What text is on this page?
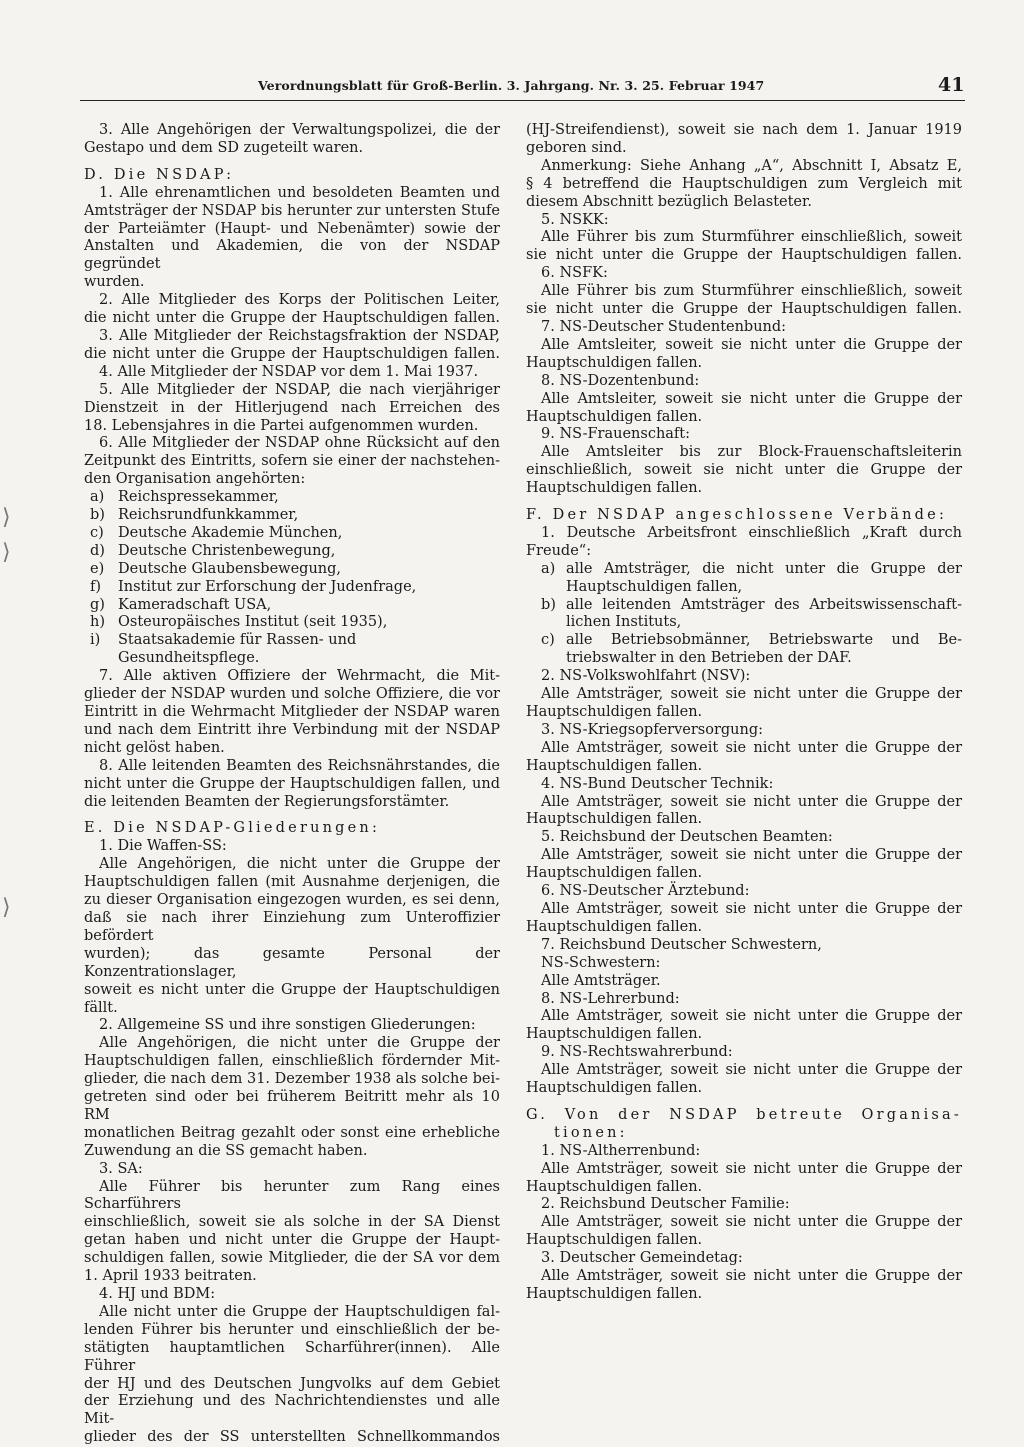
Verordnungsblatt für Groß-Berlin. 3. Jahrgang. Nr. 3. 25. Februar 1947	41
⟩
⟩
⟩

3. Alle Angehörigen der Verwaltungspolizei, die der

Gestapo und dem SD zugeteilt waren.

D. Die NSDAP:

1. Alle ehrenamtlichen und besoldeten Beamten und

Amtsträger der NSDAP bis herunter zur untersten Stufe

der Parteiämter (Haupt- und Nebenämter) sowie der

Anstalten und Akademien, die von der NSDAP gegründet

wurden.

2. Alle Mitglieder des Korps der Politischen Leiter,

die nicht unter die Gruppe der Hauptschuldigen fallen.

3. Alle Mitglieder der Reichstagsfraktion der NSDAP,

die nicht unter die Gruppe der Hauptschuldigen fallen.

4. Alle Mitglieder der NSDAP vor dem 1. Mai 1937.

5. Alle Mitglieder der NSDAP, die nach vierjähriger

Dienstzeit in der Hitlerjugend nach Erreichen des

18. Lebensjahres in die Partei aufgenommen wurden.

6. Alle Mitglieder der NSDAP ohne Rücksicht auf den

Zeitpunkt des Eintritts, sofern sie einer der nachstehen-

den Organisation angehörten:

a) Reichspressekammer,
b) Reichsrundfunkkammer,
c) Deutsche Akademie München,
d) Deutsche Christenbewegung,
e) Deutsche Glaubensbewegung,
f)	Institut zur Erforschung der Judenfrage,
g) Kameradschaft USA,
h) Osteuropäisches Institut (seit 1935),
i)	Staatsakademie für Rassen- und Gesundheitspflege.

7. Alle aktiven Offiziere der Wehrmacht, die Mit-

glieder der NSDAP wurden und solche Offiziere, die vor

Eintritt in die Wehrmacht Mitglieder der NSDAP waren

und nach dem Eintritt ihre Verbindung mit der NSDAP

nicht gelöst haben.

8. Alle leitenden Beamten des Reichsnährstandes, die

nicht unter die Gruppe der Hauptschuldigen fallen, und

die leitenden Beamten der Regierungsforstämter.

E. Die NSDAP-Gliederungen:

1. Die Waffen-SS:

Alle Angehörigen, die nicht unter die Gruppe der

Hauptschuldigen fallen (mit Ausnahme derjenigen, die

zu dieser Organisation eingezogen wurden, es sei denn,

daß sie nach ihrer Einziehung zum Unteroffizier befördert

wurden); das gesamte Personal der Konzentrationslager,

soweit es nicht unter die Gruppe der Hauptschuldigen

fällt.

2. Allgemeine SS und ihre sonstigen Gliederungen:

Alle Angehörigen, die nicht unter die Gruppe der

Hauptschuldigen fallen, einschließlich fördernder Mit-

glieder, die nach dem 31. Dezember 1938 als solche bei-

getreten sind oder bei früherem Beitritt mehr als 10 RM

monatlichen Beitrag gezahlt oder sonst eine erhebliche

Zuwendung an die SS gemacht haben.

3. SA:

Alle Führer bis herunter zum Rang eines Scharführers

einschließlich, soweit sie als solche in der SA Dienst

getan haben und nicht unter die Gruppe der Haupt-

schuldigen fallen, sowie Mitglieder, die der SA vor dem

1. April 1933 beitraten.

4. HJ und BDM:

Alle nicht unter die Gruppe der Hauptschuldigen fal-

lenden Führer bis herunter und einschließlich der be-

stätigten hauptamtlichen Scharführer(innen). Alle Führer

der HJ und des Deutschen Jungvolks auf dem Gebiet

der Erziehung und des Nachrichtendienstes und alle Mit-

glieder des der SS unterstellten Schnellkommandos

(HJ-Streifendienst), soweit sie nach dem 1. Januar 1919

geboren sind.

Anmerkung: Siehe Anhang „A“, Abschnitt I, Absatz E,

§ 4 betreffend die Hauptschuldigen zum Vergleich mit

diesem Abschnitt bezüglich Belasteter.

5. NSKK:

Alle Führer bis zum Sturmführer einschließlich, soweit

sie nicht unter die Gruppe der Hauptschuldigen fallen.

6. NSFK:

Alle Führer bis zum Sturmführer einschließlich, soweit

sie nicht unter die Gruppe der Hauptschuldigen fallen.

7. NS-Deutscher Studentenbund:

Alle Amtsleiter, soweit sie nicht unter die Gruppe der

Hauptschuldigen fallen.

8. NS-Dozentenbund:

Alle Amtsleiter, soweit sie nicht unter die Gruppe der

Hauptschuldigen fallen.

9. NS-Frauenschaft:

Alle Amtsleiter bis zur Block-Frauenschaftsleiterin

einschließlich, soweit sie nicht unter die Gruppe der

Hauptschuldigen fallen.

F. Der NSDAP angeschlossene Verbände:

1. Deutsche Arbeitsfront einschließlich „Kraft durch

Freude“:

a) alle Amtsträger, die nicht unter die Gruppe der

Hauptschuldigen fallen,

b) alle leitenden Amtsträger des Arbeitswissenschaft-

lichen Instituts,

c) alle Betriebsobmänner, Betriebswarte und Be-

triebswalter in den Betrieben der DAF.

2. NS-Volkswohlfahrt (NSV):

Alle Amtsträger, soweit sie nicht unter die Gruppe der

Hauptschuldigen fallen.

3. NS-Kriegsopferversorgung:

Alle Amtsträger, soweit sie nicht unter die Gruppe der

Hauptschuldigen fallen.

4. NS-Bund Deutscher Technik:

Alle Amtsträger, soweit sie nicht unter die Gruppe der

Hauptschuldigen fallen.

5. Reichsbund der Deutschen Beamten:

Alle Amtsträger, soweit sie nicht unter die Gruppe der

Hauptschuldigen fallen.

6. NS-Deutscher Ärztebund:

Alle Amtsträger, soweit sie nicht unter die Gruppe der

Hauptschuldigen fallen.

7. Reichsbund Deutscher Schwestern,

NS-Schwestern:

Alle Amtsträger.

8. NS-Lehrerbund:

Alle Amtsträger, soweit sie nicht unter die Gruppe der

Hauptschuldigen fallen.

9. NS-Rechtswahrerbund:

Alle Amtsträger, soweit sie nicht unter die Gruppe der

Hauptschuldigen fallen.

G. Von der NSDAP betreute Organisa-

tionen:

1. NS-Altherrenbund:

Alle Amtsträger, soweit sie nicht unter die Gruppe der

Hauptschuldigen fallen.

2. Reichsbund Deutscher Familie:

Alle Amtsträger, soweit sie nicht unter die Gruppe der

Hauptschuldigen fallen.

3. Deutscher Gemeindetag:

Alle Amtsträger, soweit sie nicht unter die Gruppe der

Hauptschuldigen fallen.
